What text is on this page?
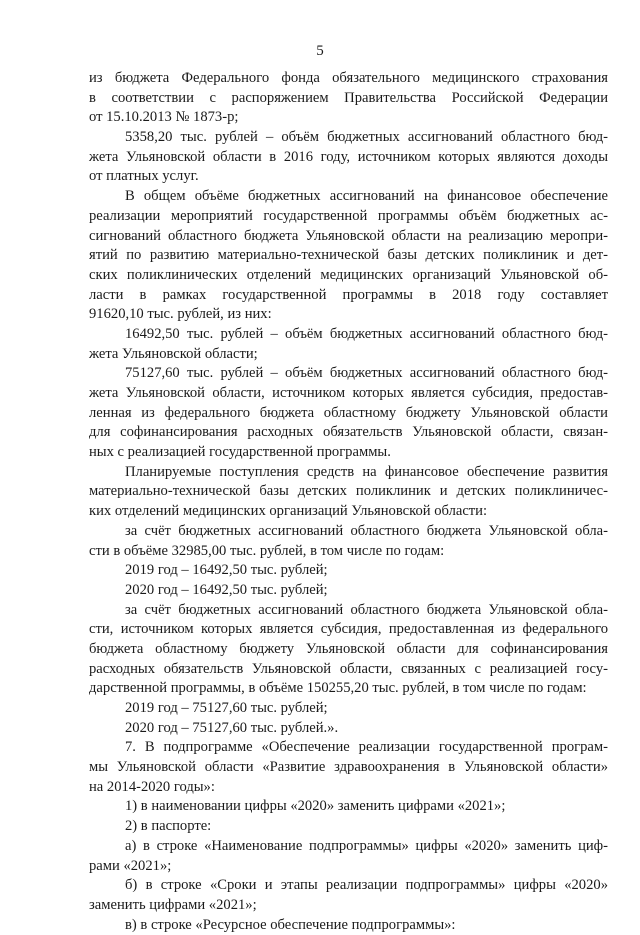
5
из бюджета Федерального фонда обязательного медицинского страхования
в соответствии с распоряжением Правительства Российской Федерации
от 15.10.2013 № 1873-р;
5358,20 тыс. рублей – объём бюджетных ассигнований областного бюд-
жета Ульяновской области в 2016 году, источником которых являются доходы
от платных услуг.
В общем объёме бюджетных ассигнований на финансовое обеспечение
реализации мероприятий государственной программы объём бюджетных ас-
сигнований областного бюджета Ульяновской области на реализацию меропри-
ятий по развитию материально-технической базы детских поликлиник и дет-
ских поликлинических отделений медицинских организаций Ульяновской об-
ласти в рамках государственной программы в 2018 году составляет
91620,10 тыс. рублей, из них:
16492,50 тыс. рублей – объём бюджетных ассигнований областного бюд-
жета Ульяновской области;
75127,60 тыс. рублей – объём бюджетных ассигнований областного бюд-
жета Ульяновской области, источником которых является субсидия, предостав-
ленная из федерального бюджета областному бюджету Ульяновской области
для софинансирования расходных обязательств Ульяновской области, связан-
ных с реализацией государственной программы.
Планируемые поступления средств на финансовое обеспечение развития
материально-технической базы детских поликлиник и детских поликлиничес-
ких отделений медицинских организаций Ульяновской области:
за счёт бюджетных ассигнований областного бюджета Ульяновской обла-
сти в объёме 32985,00 тыс. рублей, в том числе по годам:
2019 год – 16492,50 тыс. рублей;
2020 год – 16492,50 тыс. рублей;
за счёт бюджетных ассигнований областного бюджета Ульяновской обла-
сти, источником которых является субсидия, предоставленная из федерального
бюджета областному бюджету Ульяновской области для софинансирования
расходных обязательств Ульяновской области, связанных с реализацией госу-
дарственной программы, в объёме 150255,20 тыс. рублей, в том числе по годам:
2019 год – 75127,60 тыс. рублей;
2020 год – 75127,60 тыс. рублей.».
7. В подпрограмме «Обеспечение реализации государственной програм-
мы Ульяновской области «Развитие здравоохранения в Ульяновской области»
на 2014-2020 годы»:
1) в наименовании цифры «2020» заменить цифрами «2021»;
2) в паспорте:
а) в строке «Наименование подпрограммы» цифры «2020» заменить циф-
рами «2021»;
б) в строке «Сроки и этапы реализации подпрограммы» цифры «2020»
заменить цифрами «2021»;
в) в строке «Ресурсное обеспечение подпрограммы»:
